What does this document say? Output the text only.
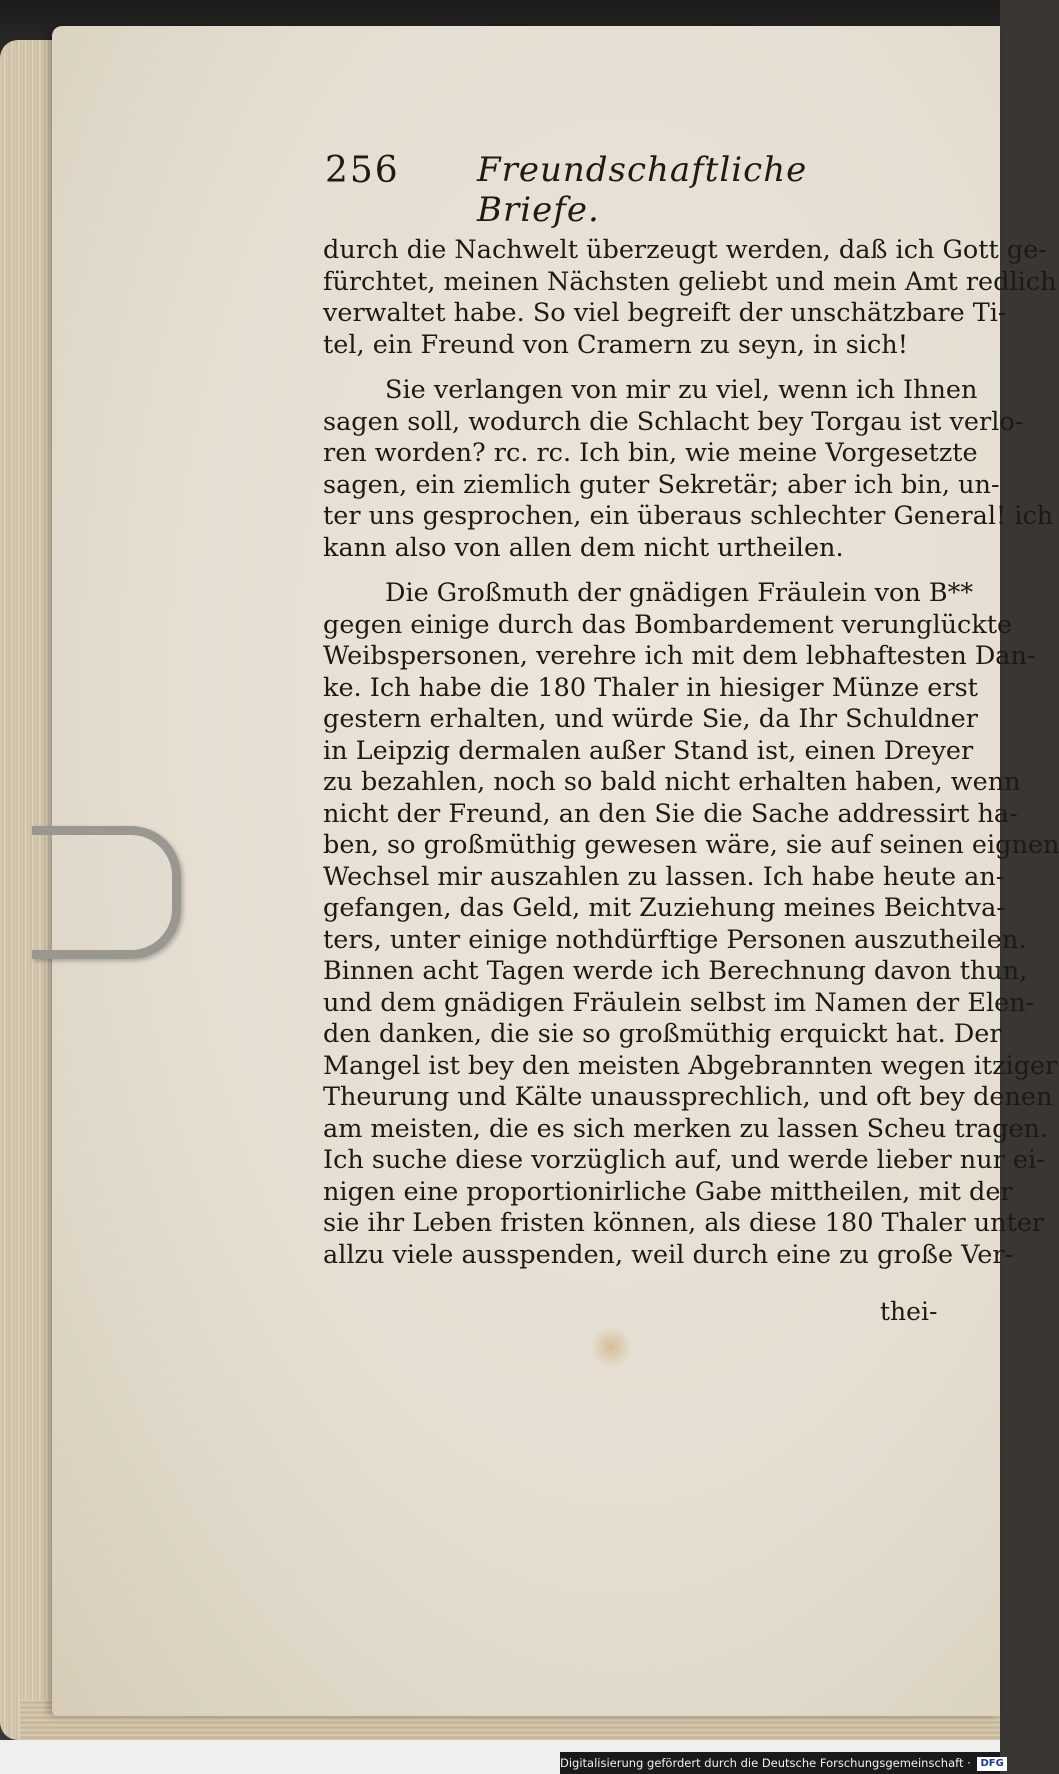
256 Freundschaftliche Briefe.
durch die Nachwelt überzeugt werden, daß ich Gott ge-
fürchtet, meinen Nächsten geliebt und mein Amt redlich
verwaltet habe. So viel begreift der unschätzbare Ti-
tel, ein Freund von Cramern zu seyn, in sich!
Sie verlangen von mir zu viel, wenn ich Ihnen
sagen soll, wodurch die Schlacht bey Torgau ist verlo-
ren worden? rc. rc. Ich bin, wie meine Vorgesetzte
sagen, ein ziemlich guter Sekretär; aber ich bin, un-
ter uns gesprochen, ein überaus schlechter General! ich
kann also von allen dem nicht urtheilen.
Die Großmuth der gnädigen Fräulein von B**
gegen einige durch das Bombardement verunglückte
Weibspersonen, verehre ich mit dem lebhaftesten Dan-
ke. Ich habe die 180 Thaler in hiesiger Münze erst
gestern erhalten, und würde Sie, da Ihr Schuldner
in Leipzig dermalen außer Stand ist, einen Dreyer
zu bezahlen, noch so bald nicht erhalten haben, wenn
nicht der Freund, an den Sie die Sache addressirt ha-
ben, so großmüthig gewesen wäre, sie auf seinen eignen
Wechsel mir auszahlen zu lassen. Ich habe heute an-
gefangen, das Geld, mit Zuziehung meines Beichtva-
ters, unter einige nothdürftige Personen auszutheilen.
Binnen acht Tagen werde ich Berechnung davon thun,
und dem gnädigen Fräulein selbst im Namen der Elen-
den danken, die sie so großmüthig erquickt hat. Der
Mangel ist bey den meisten Abgebrannten wegen itziger
Theurung und Kälte unaussprechlich, und oft bey denen
am meisten, die es sich merken zu lassen Scheu tragen.
Ich suche diese vorzüglich auf, und werde lieber nur ei-
nigen eine proportionirliche Gabe mittheilen, mit der
sie ihr Leben fristen können, als diese 180 Thaler unter
allzu viele ausspenden, weil durch eine zu große Ver-
thei-
Digitalisierung gefördert durch die Deutsche Forschungsgemeinschaft · DFG
